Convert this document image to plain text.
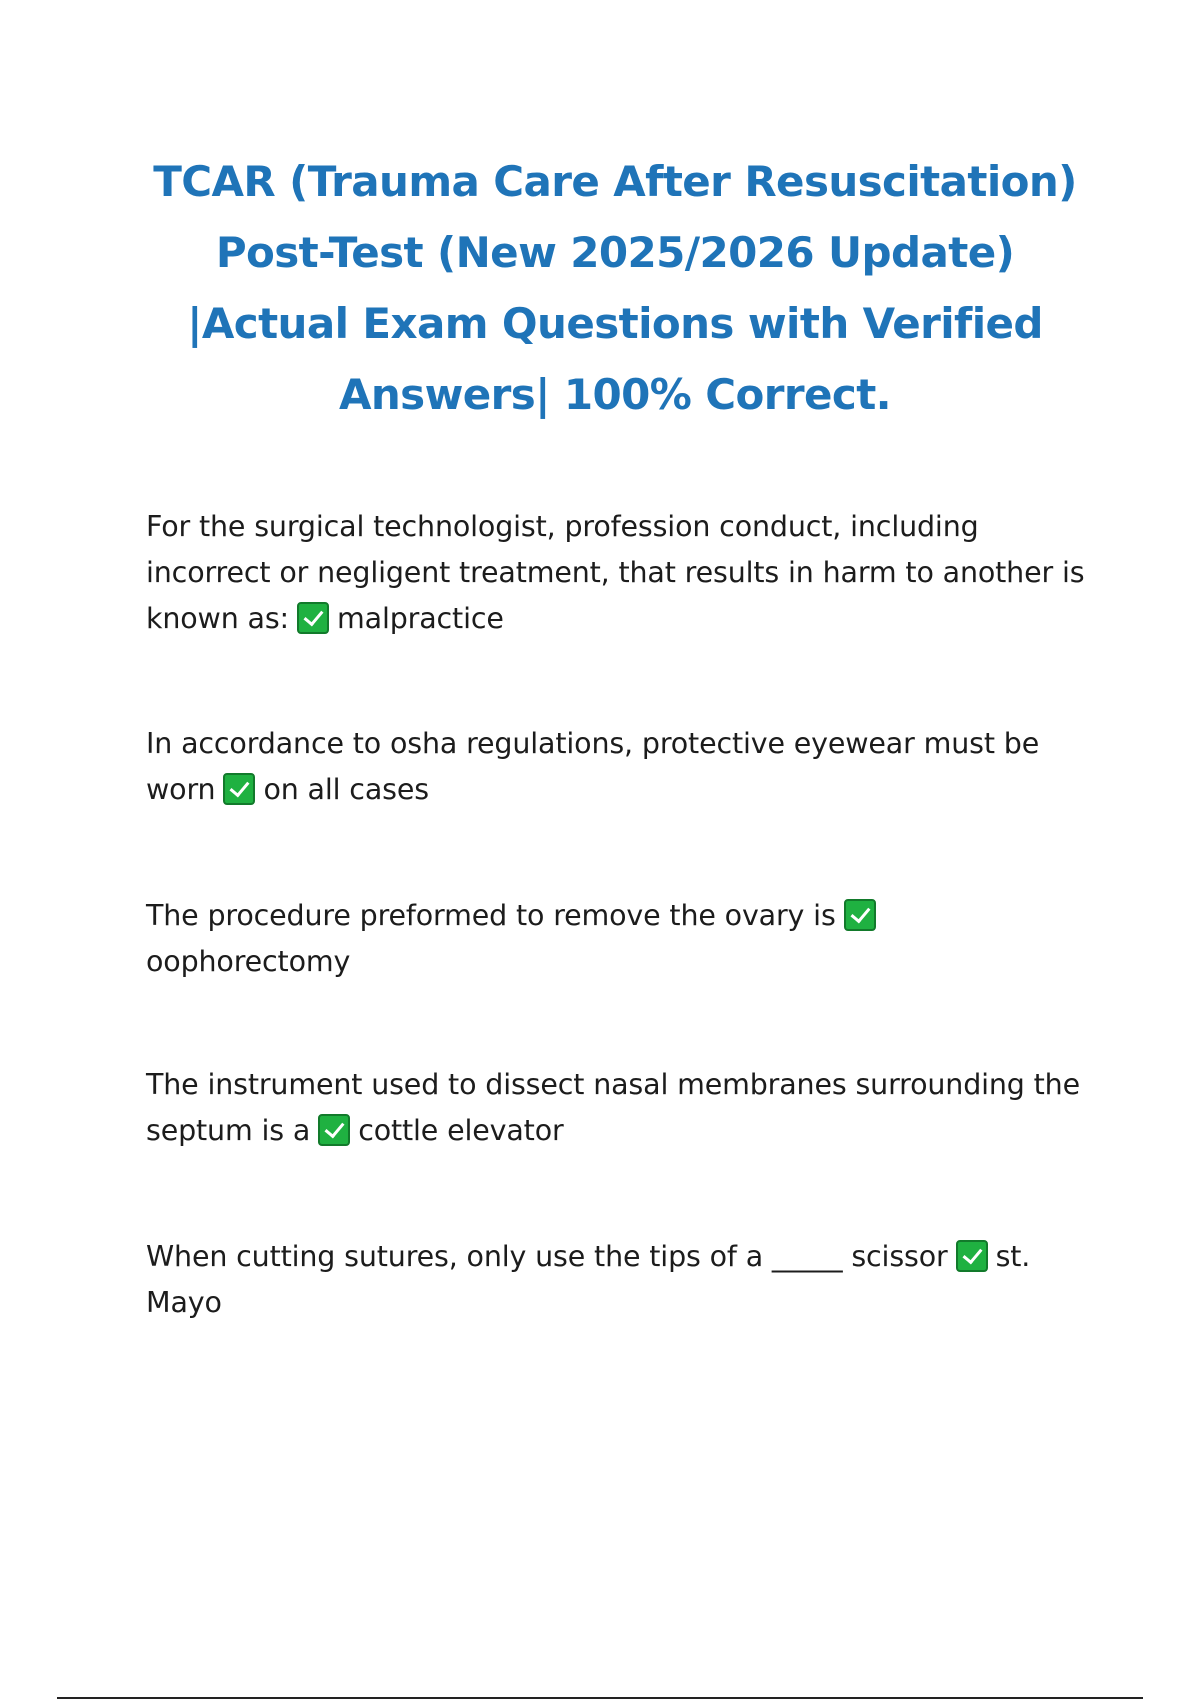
TCAR (Trauma Care After Resuscitation) Post-Test (New 2025/2026 Update) |Actual Exam Questions with Verified Answers| 100% Correct.

For the surgical technologist, profession conduct, including incorrect or negligent treatment, that results in harm to another is known as: malpractice

In accordance to osha regulations, protective eyewear must be worn on all cases

The procedure preformed to remove the ovary isoophorectomy

The instrument used to dissect nasal membranes surrounding the septum is a cottle elevator

When cutting sutures, only use the tips of a _____ scissor st. Mayo
